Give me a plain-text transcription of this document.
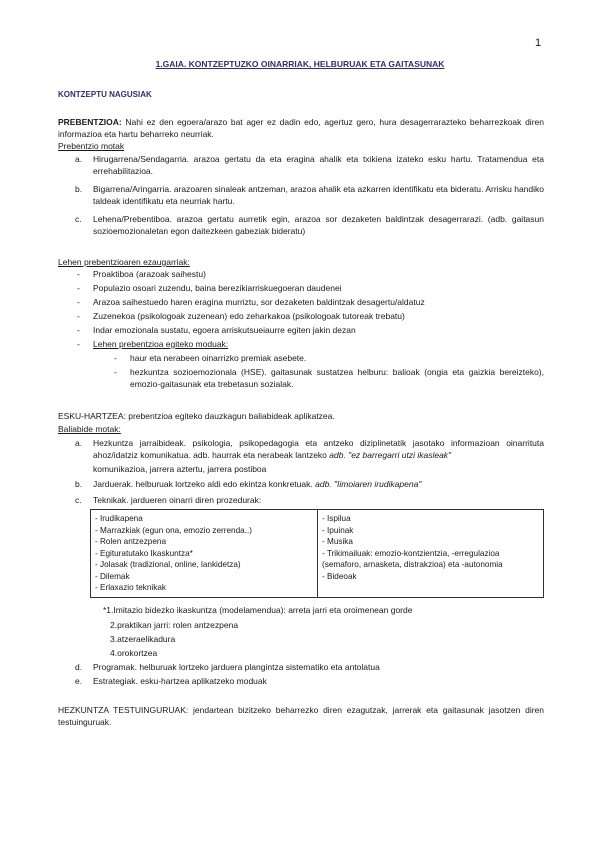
1
1.GAIA. KONTZEPTUZKO OINARRIAK, HELBURUAK ETA GAITASUNAK
KONTZEPTU NAGUSIAK
PREBENTZIOA: Nahi ez den egoera/arazo bat ager ez dadin edo, agertuz gero, hura desagerrarazteko beharrezkoak diren informazioa eta hartu beharreko neurriak.
Prebentzio motak
a. Hirugarrena/Sendagarria. arazoa gertatu da eta eragina ahalik eta txikiena izateko esku hartu. Tratamendua eta errehabilitazioa.
b. Bigarrena/Aringarria. arazoaren sinaleak antzeman, arazoa ahalik eta azkarren identifikatu eta bideratu. Arrisku handiko taldeak identifikatu eta neurriak hartu.
c. Lehena/Prebentiboa. arazoa gertatu aurretik egin, arazoa sor dezaketen baldintzak desagerrarazi. (adb. gaitasun sozioemozionaletan egon daitezkeen gabeziak bideratu)
Lehen prebentzioaren ezaugarriak:
- Proaktiboa (arazoak saihestu)
- Populazio osoari zuzendu, baina berezikiarriskuegoeran daudenei
- Arazoa saihestuedo haren eragina murriztu, sor dezaketen baldintzak desagertu/aldatuz
- Zuzenekoa (psikologoak zuzenean) edo zeharkakoa (psikologoak tutoreak trebatu)
- Indar emozionala sustatu, egoera arriskutsueiaurre egiten jakin dezan
- Lehen prebentzioa egiteko moduak:
- haur eta nerabeen oinarrizko premiak asebete.
- hezkuntza sozioemozionala (HSE). gaitasunak sustatzea helburu: balioak (ongia eta gaizkia bereizteko), emozio-gaitasunak eta trebetasun sozialak.
ESKU-HARTZEA: prebentzioa egiteko dauzkagun baliabideak aplikatzea.
Baliabide motak:
a. Hezkuntza jarraibideak. psikologia, psikopedagogia eta antzeko diziplinetatik jasotako informazioan oinarrituta ahoz/idatziz komunikatua. adb. haurrak eta nerabeak lantzeko adb. "ez barregarri utzi ikasleak"
komunikazioa, jarrera aztertu, jarrera postiboa
b. Jarduerak. helburuak lortzeko aldi edo ekintza konkretuak. adb. "Iimoiaren irudikapena"
c. Teknikak. jardueren oinarri diren prozedurak:
- Irudikapena
- Marrazkiak (egun ona, emozio zerrenda..)
- Rolen antzezpena
- Egituratutako Ikaskuntza*
- Jolasak (tradizional, online, lankidetza)
- Dilemak
- Erlaxazio teknikak

- Ispilua
- Ipuinak
- Musika
- Trikimailuak: emozio-kontzientzia, -erregulazioa (semaforo, arnasketa, distrakzioa) eta -autonomia
- Bideoak
*1.Imitazio bidezko ikaskuntza (modelamendua): arreta jarri eta oroimenean gorde
2.praktikan jarri: rolen antzezpena
3.atzeraelikadura
4.orokortzea
d. Programak. helburuak lortzeko jarduera plangintza sistematiko eta antolatua
e. Estrategiak. esku-hartzea aplikatzeko moduak
HEZKUNTZA TESTUINGURUAK: jendartean bizitzeko beharrezko diren ezagutzak, jarrerak eta gaitasunak jasotzen diren testuinguruak.
